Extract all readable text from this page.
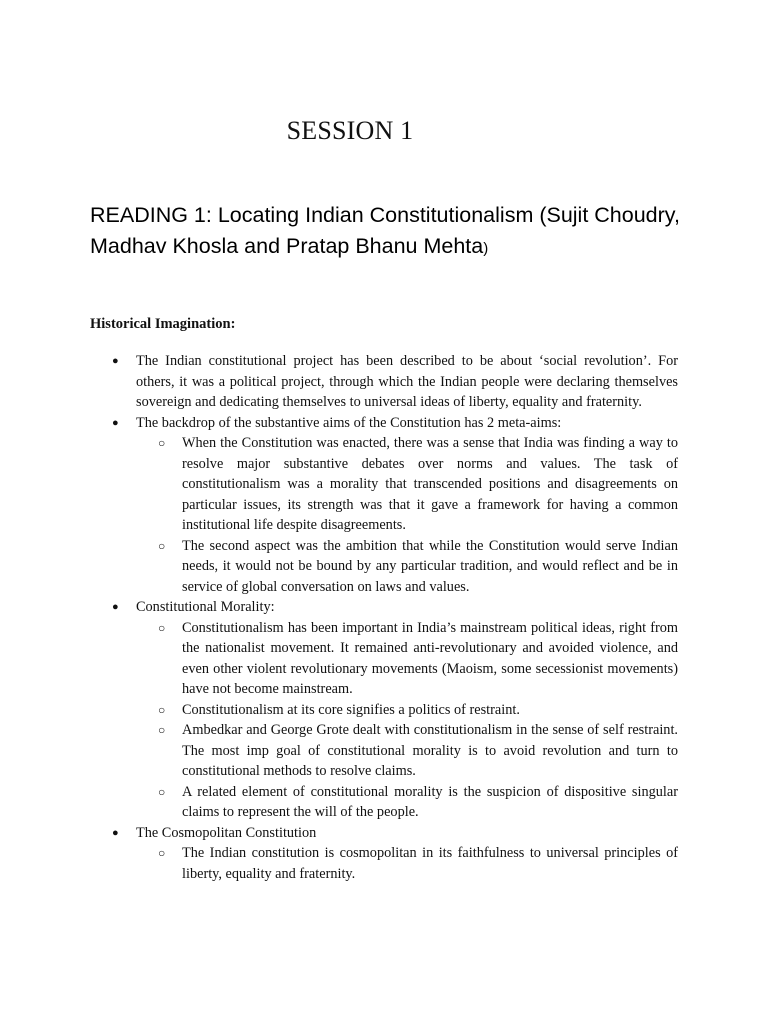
SESSION 1
READING 1: Locating Indian Constitutionalism (Sujit Choudry, Madhav Khosla and Pratap Bhanu Mehta)
Historical Imagination:
● The Indian constitutional project has been described to be about ‘social revolution’. For others, it was a political project, through which the Indian people were declaring themselves sovereign and dedicating themselves to universal ideas of liberty, equality and fraternity.
● The backdrop of the substantive aims of the Constitution has 2 meta-aims:
○ When the Constitution was enacted, there was a sense that India was finding a way to resolve major substantive debates over norms and values. The task of constitutionalism was a morality that transcended positions and disagreements on particular issues, its strength was that it gave a framework for having a common institutional life despite disagreements.
○ The second aspect was the ambition that while the Constitution would serve Indian needs, it would not be bound by any particular tradition, and would reflect and be in service of global conversation on laws and values.
● Constitutional Morality:
○ Constitutionalism has been important in India’s mainstream political ideas, right from the nationalist movement. It remained anti-revolutionary and avoided violence, and even other violent revolutionary movements (Maoism, some secessionist movements) have not become mainstream.
○ Constitutionalism at its core signifies a politics of restraint.
○ Ambedkar and George Grote dealt with constitutionalism in the sense of self restraint. The most imp goal of constitutional morality is to avoid revolution and turn to constitutional methods to resolve claims.
○ A related element of constitutional morality is the suspicion of dispositive singular claims to represent the will of the people.
● The Cosmopolitan Constitution
○ The Indian constitution is cosmopolitan in its faithfulness to universal principles of liberty, equality and fraternity.
